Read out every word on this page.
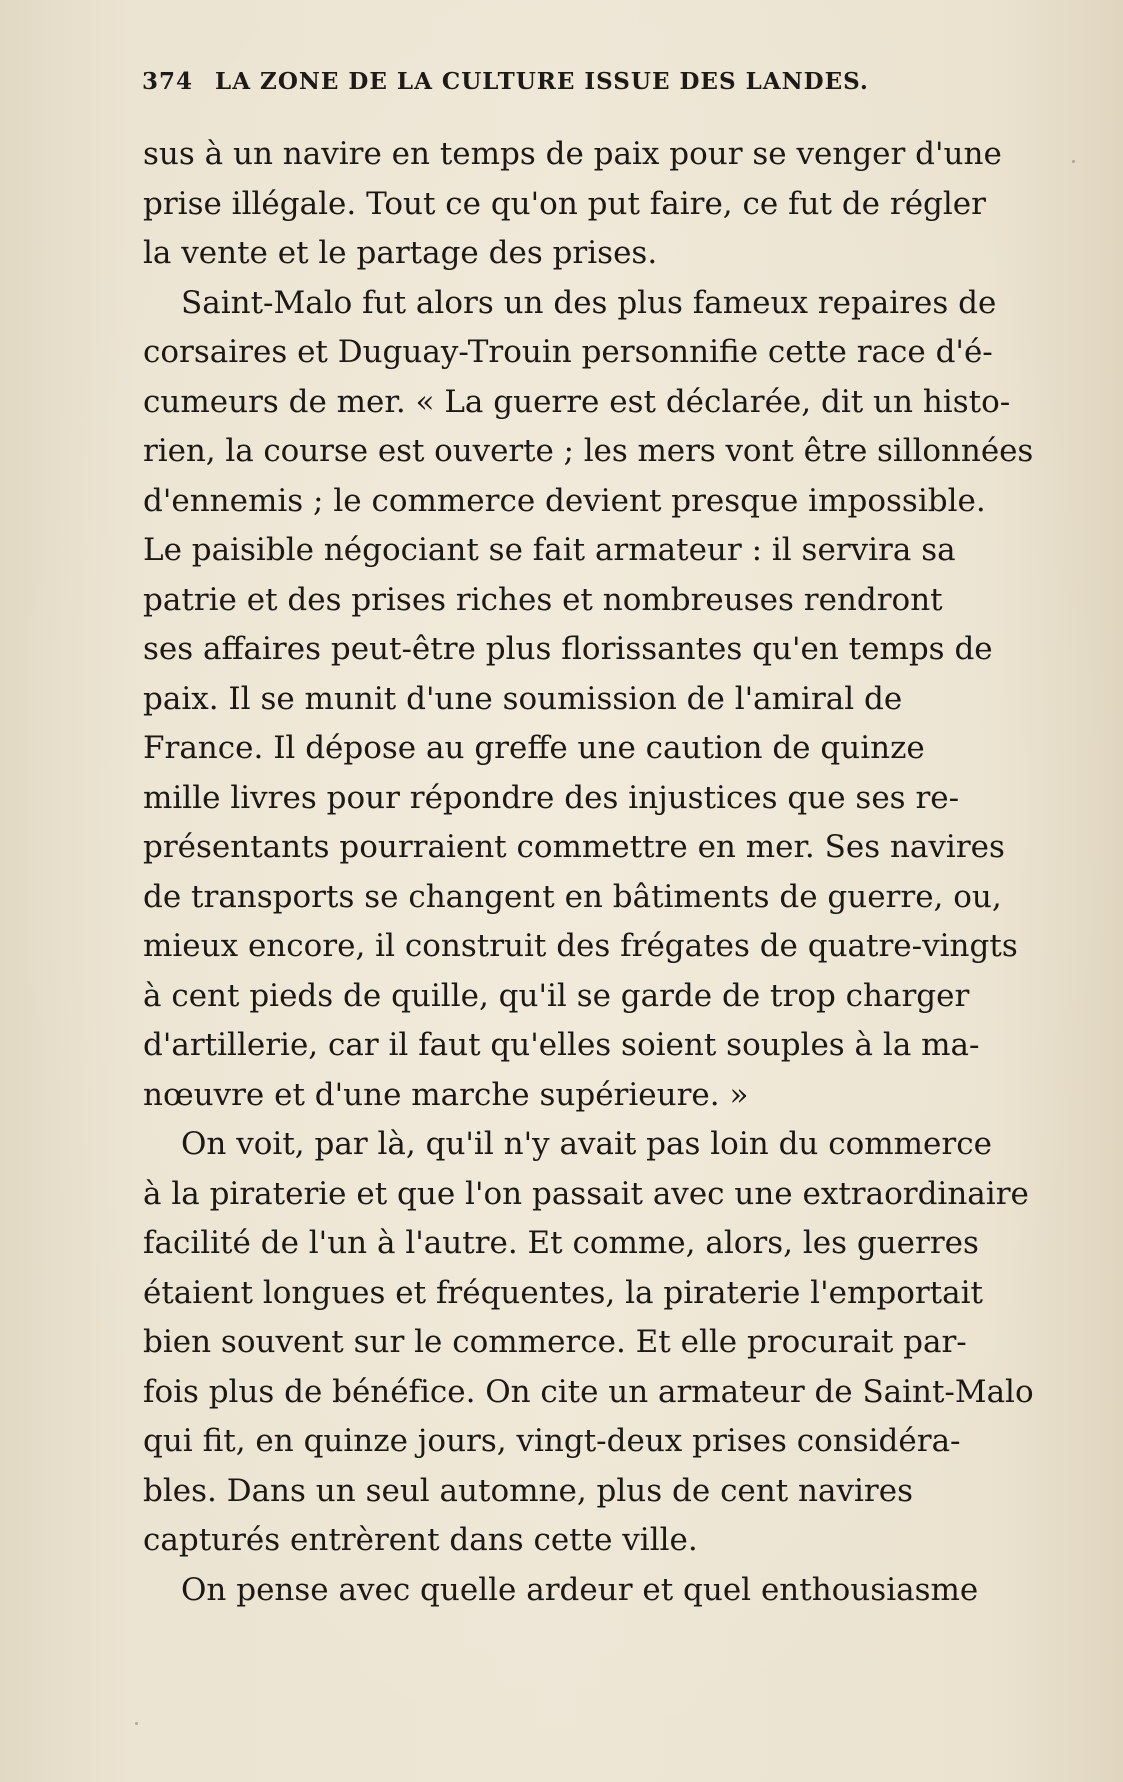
374 LA ZONE DE LA CULTURE ISSUE DES LANDES.
sus à un navire en temps de paix pour se venger d'une
prise illégale. Tout ce qu'on put faire, ce fut de régler
la vente et le partage des prises.
Saint-Malo fut alors un des plus fameux repaires de
corsaires et Duguay-Trouin personnifie cette race d'é-
cumeurs de mer. « La guerre est déclarée, dit un histo-
rien, la course est ouverte ; les mers vont être sillonnées
d'ennemis ; le commerce devient presque impossible.
Le paisible négociant se fait armateur : il servira sa
patrie et des prises riches et nombreuses rendront
ses affaires peut-être plus florissantes qu'en temps de
paix. Il se munit d'une soumission de l'amiral de
France. Il dépose au greffe une caution de quinze
mille livres pour répondre des injustices que ses re-
présentants pourraient commettre en mer. Ses navires
de transports se changent en bâtiments de guerre, ou,
mieux encore, il construit des frégates de quatre-vingts
à cent pieds de quille, qu'il se garde de trop charger
d'artillerie, car il faut qu'elles soient souples à la ma-
nœuvre et d'une marche supérieure. »
On voit, par là, qu'il n'y avait pas loin du commerce
à la piraterie et que l'on passait avec une extraordinaire
facilité de l'un à l'autre. Et comme, alors, les guerres
étaient longues et fréquentes, la piraterie l'emportait
bien souvent sur le commerce. Et elle procurait par-
fois plus de bénéfice. On cite un armateur de Saint-Malo
qui fit, en quinze jours, vingt-deux prises considéra-
bles. Dans un seul automne, plus de cent navires
capturés entrèrent dans cette ville.
On pense avec quelle ardeur et quel enthousiasme
